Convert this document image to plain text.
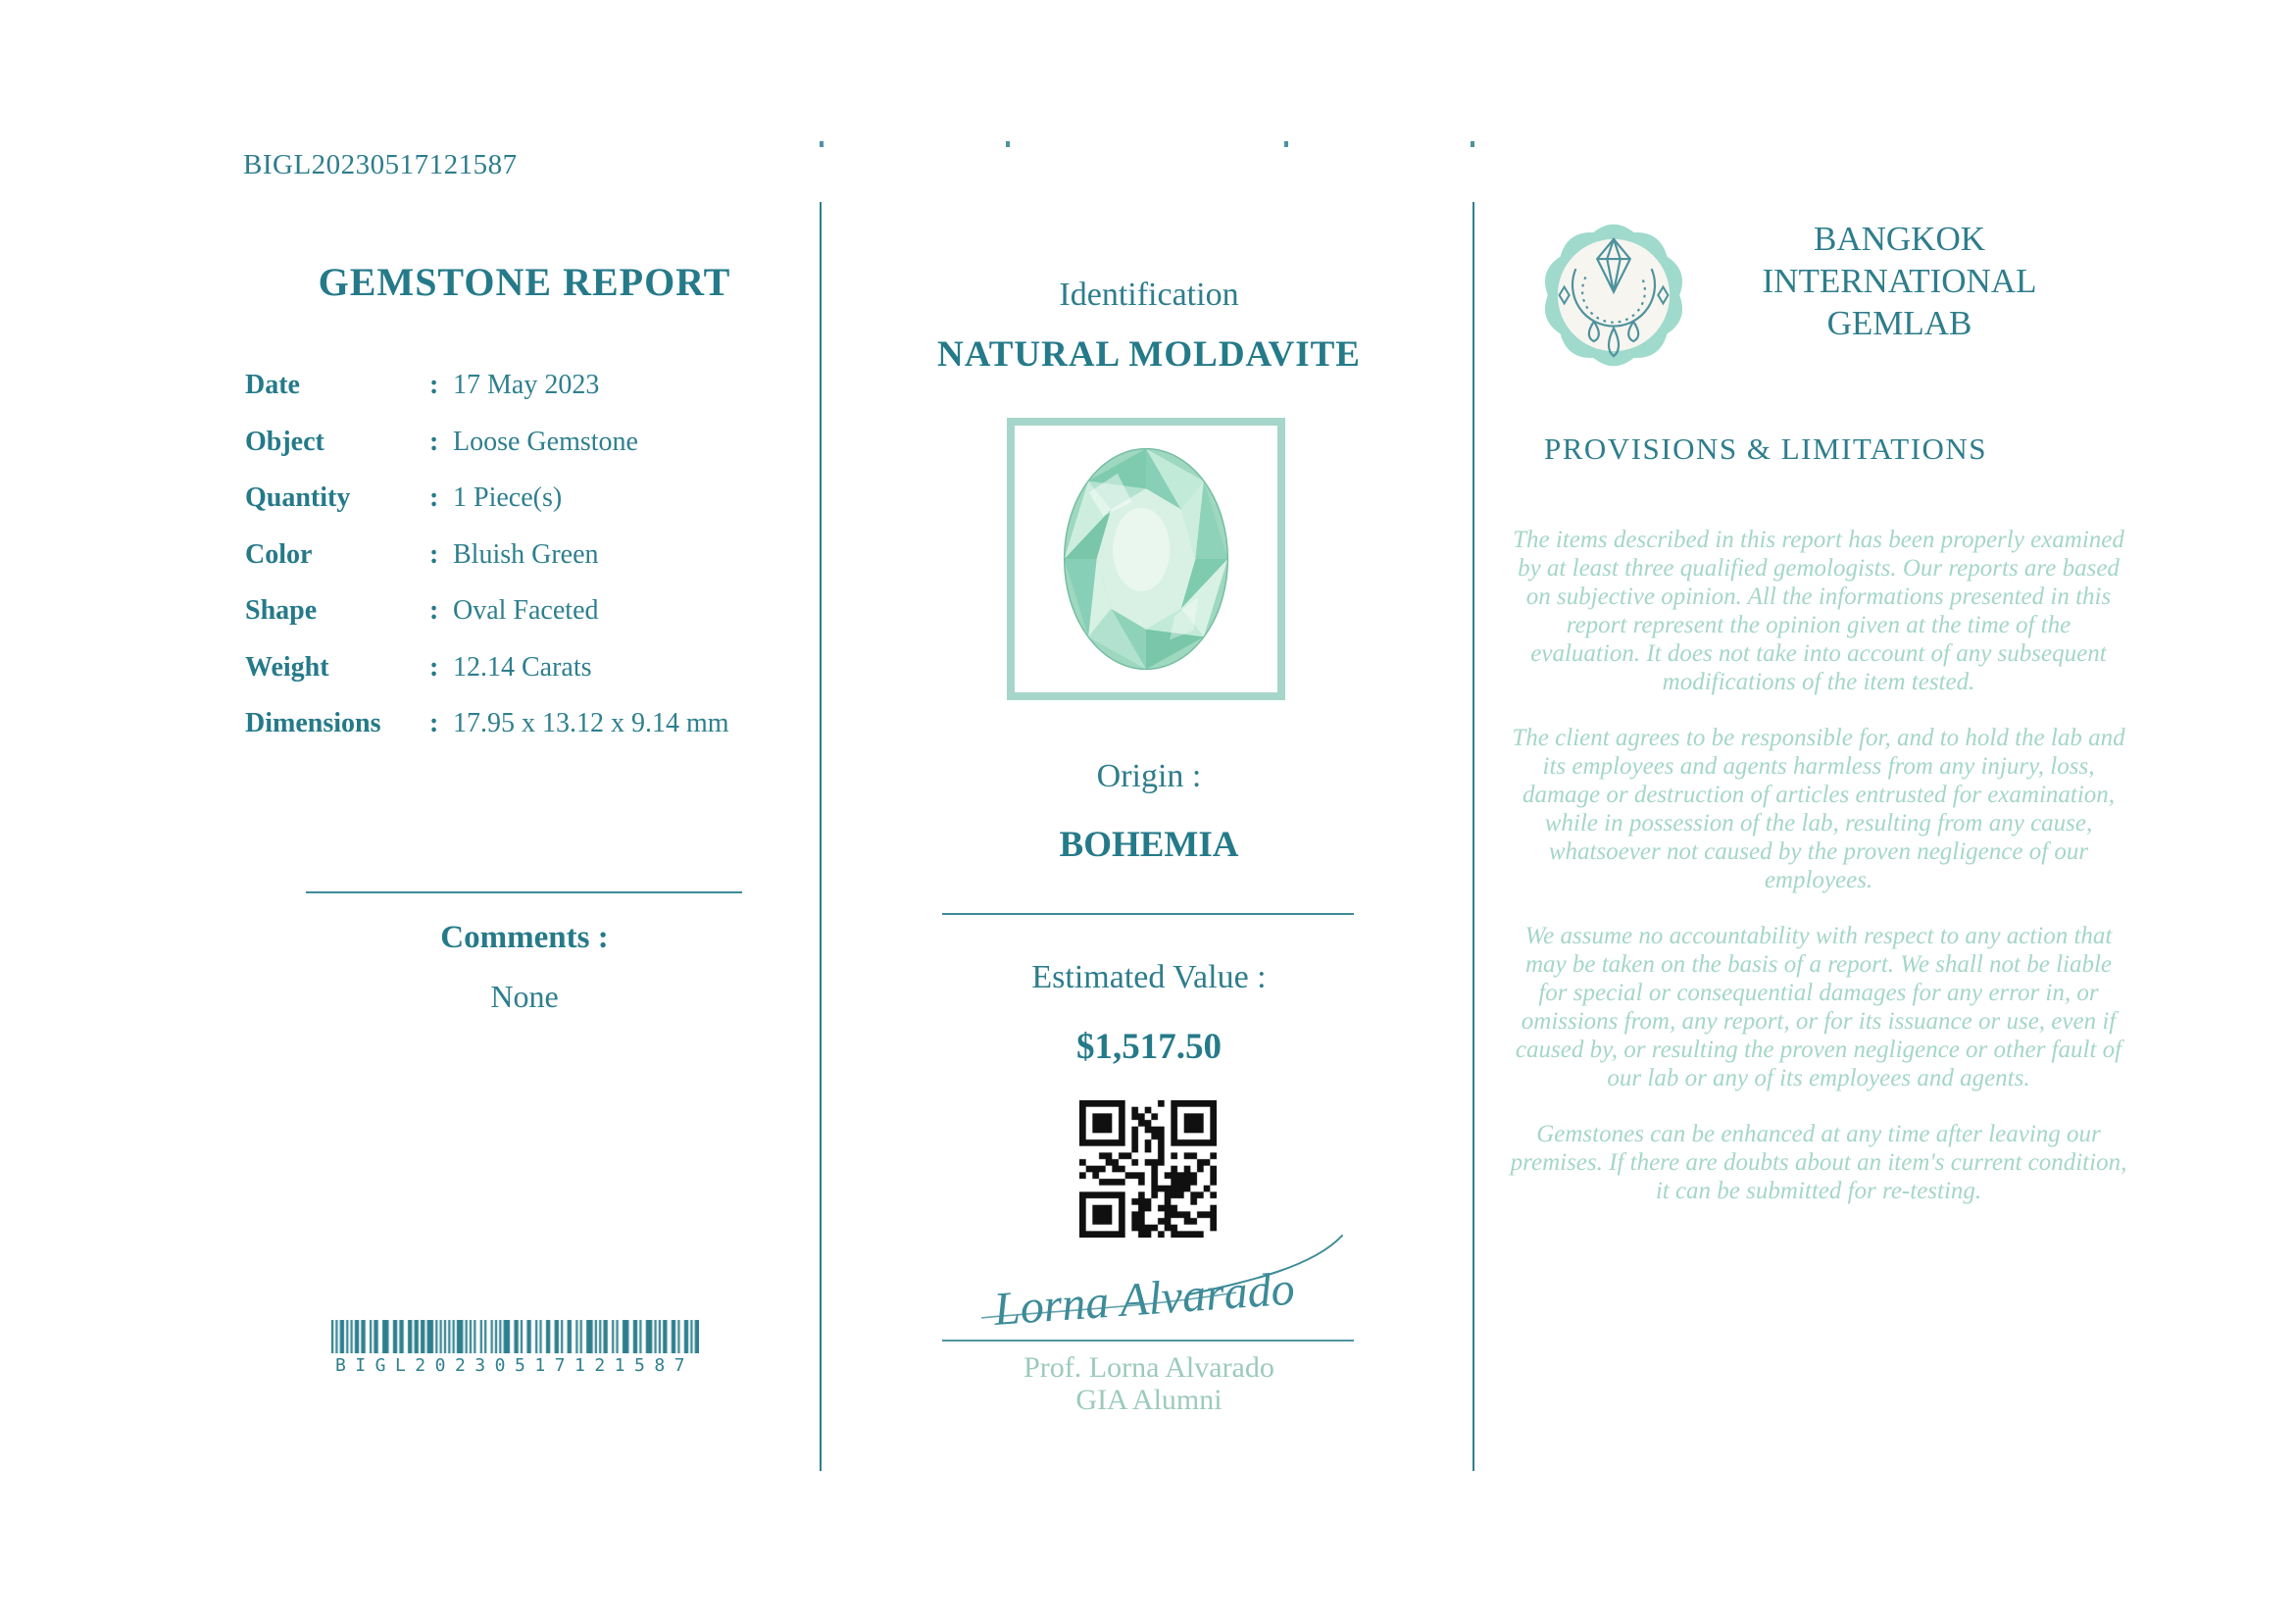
BIGL20230517121587
GEMSTONE REPORT
Date	: 17 May 2023
Object	: Loose Gemstone
Quantity	: 1 Piece(s)
Color	: Bluish Green
Shape	: Oval Faceted
Weight	: 12.14 Carats
Dimensions	: 17.95 x 13.12 x 9.14 mm
Comments :
None
BIGL20230517121587
Identification
NATURAL MOLDAVITE
Origin :
BOHEMIA
Estimated Value :
$1,517.50
Lorna Alvarado
Prof. Lorna Alvarado
GIA Alumni
BANGKOK
INTERNATIONAL
GEMLAB
PROVISIONS & LIMITATIONS

The items described in this report has been properly examined by at least three qualified gemologists. Our reports are based on subjective opinion. All the informations presented in this report represent the opinion given at the time of the evaluation. It does not take into account of any subsequent modifications of the item tested.

The client agrees to be responsible for, and to hold the lab and its employees and agents harmless from any injury, loss, damage or destruction of articles entrusted for examination, while in possession of the lab, resulting from any cause, whatsoever not caused by the proven negligence of our employees.

We assume no accountability with respect to any action that may be taken on the basis of a report. We shall not be liable for special or consequential damages for any error in, or omissions from, any report, or for its issuance or use, even if caused by, or resulting the proven negligence or other fault of our lab or any of its employees and agents.

Gemstones can be enhanced at any time after leaving our premises. If there are doubts about an item's current condition, it can be submitted for re-testing.
